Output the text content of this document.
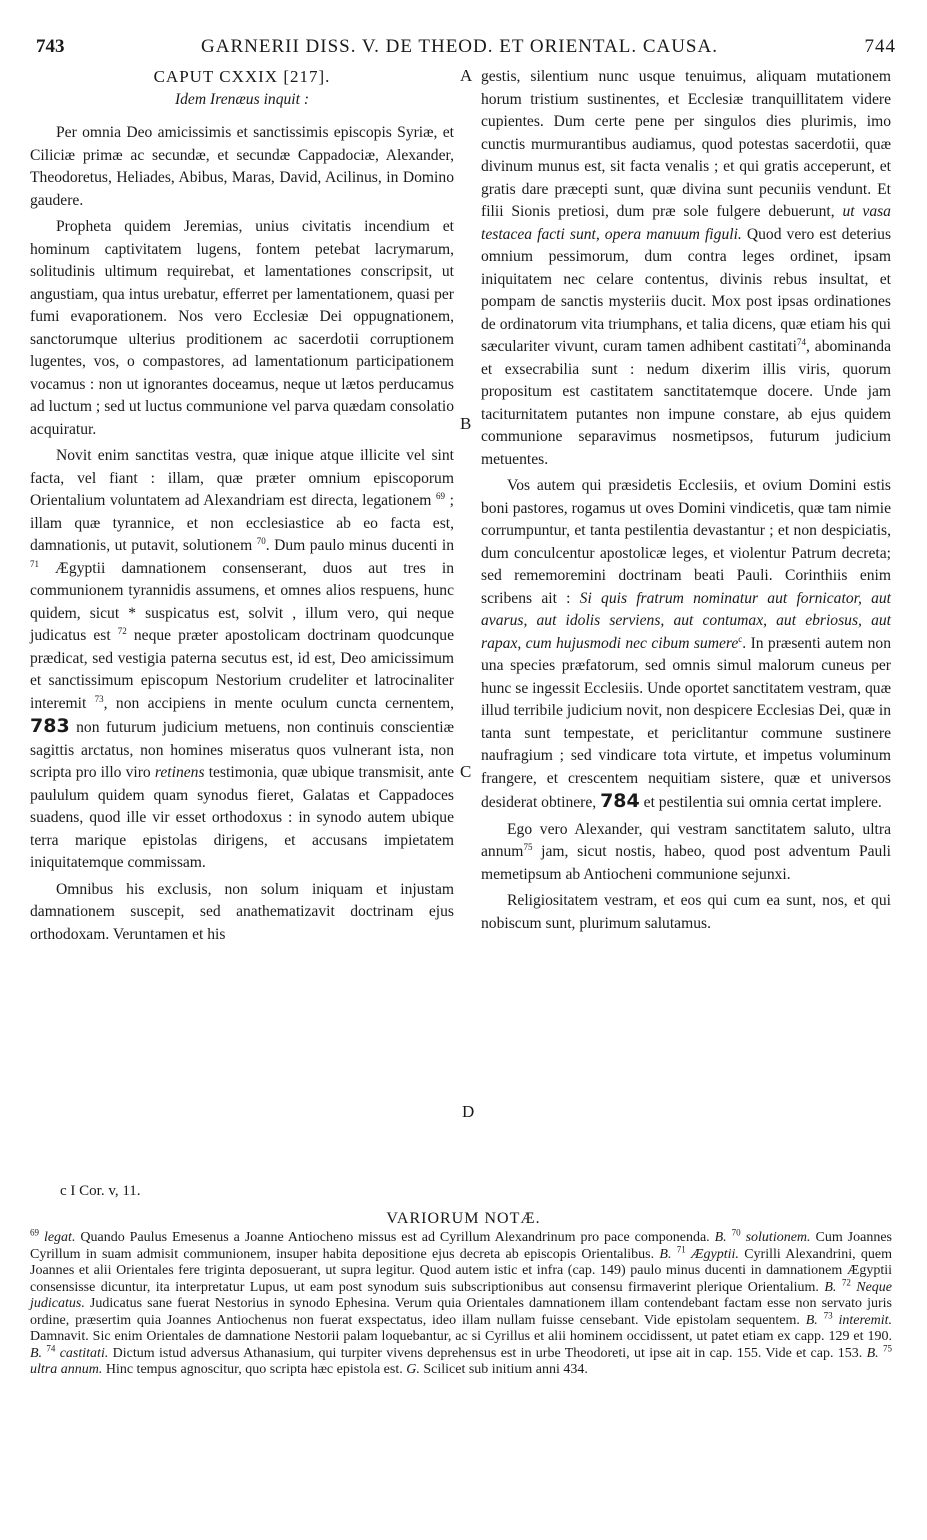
743	GARNERII DISS. V. DE THEOD. ET ORIENTAL. CAUSA.	744
A
B
C
D
CAPUT CXXIX [217].
Idem Irenæus inquit :

Per omnia Deo amicissimis et sanctissimis episcopis Syriæ, et Ciliciæ primæ ac secundæ, et secundæ Cappadociæ, Alexander, Theodoretus, Heliades, Abibus, Maras, David, Acilinus, in Domino gaudere.

Propheta quidem Jeremias, unius civitatis incendium et hominum captivitatem lugens, fontem petebat lacrymarum, solitudinis ultimum requirebat, et lamentationes conscripsit, ut angustiam, qua intus urebatur, efferret per lamentationem, quasi per fumi evaporationem. Nos vero Ecclesiæ Dei oppugnationem, sanctorumque ulterius proditionem ac sacerdotii corruptionem lugentes, vos, o compastores, ad lamentationum participationem vocamus : non ut ignorantes doceamus, neque ut lætos perducamus ad luctum ; sed ut luctus communione vel parva quædam consolatio acquiratur.

Novit enim sanctitas vestra, quæ inique atque illicite vel sint facta, vel fiant : illam, quæ præter omnium episcoporum Orientalium voluntatem ad Alexandriam est directa, legationem $^{69}$ ; illam quæ tyrannice, et non ecclesiastice ab eo facta est, damnationis, ut putavit, solutionem $^{70}$. Dum paulo minus ducenti in $^{71}$ Ægyptii damnationem consenserant, duos aut tres in communionem tyrannidis assumens, et omnes alios respuens, hunc quidem, sicut * suspicatus est, solvit , illum vero, qui neque judicatus est $^{72}$ neque præter apostolicam doctrinam quodcunque prædicat, sed vestigia paterna secutus est, id est, Deo amicissimum et sanctissimum episcopum Nestorium crudeliter et latrocinaliter interemit $^{73}$, non accipiens in mente oculum cuncta cernentem, 783 non futurum judicium metuens, non continuis conscientiæ sagittis arctatus, non homines miseratus quos vulnerant ista, non scripta pro illo viro retinens testimonia, quæ ubique transmisit, ante paululum quidem quam synodus fieret, Galatas et Cappadoces suadens, quod ille vir esset orthodoxus : in synodo autem ubique terra marique epistolas dirigens, et accusans impietatem iniquitatemque commissam.

Omnibus his exclusis, non solum iniquam et injustam damnationem suscepit, sed anathematizavit doctrinam ejus orthodoxam. Veruntamen et his

gestis, silentium nunc usque tenuimus, aliquam mutationem horum tristium sustinentes, et Ecclesiæ tranquillitatem videre cupientes. Dum certe pene per singulos dies plurimis, imo cunctis murmurantibus audiamus, quod potestas sacerdotii, quæ divinum munus est, sit facta venalis ; et qui gratis acceperunt, et gratis dare præcepti sunt, quæ divina sunt pecuniis vendunt. Et filii Sionis pretiosi, dum præ sole fulgere debuerunt, ut vasa testacea facti sunt, opera manuum figuli. Quod vero est deterius omnium pessimorum, dum contra leges ordinet, ipsam iniquitatem nec celare contentus, divinis rebus insultat, et pompam de sanctis mysteriis ducit. Mox post ipsas ordinationes de ordinatorum vita triumphans, et talia dicens, quæ etiam his qui sæculariter vivunt, curam tamen adhibent castitati$^{74}$, abominanda et exsecrabilia sunt : nedum dixerim illis viris, quorum propositum est castitatem sanctitatemque docere. Unde jam taciturnitatem putantes non impune constare, ab ejus quidem communione separavimus nosmetipsos, futurum judicium metuentes.

Vos autem qui præsidetis Ecclesiis, et ovium Domini estis boni pastores, rogamus ut oves Domini vindicetis, quæ tam nimie corrumpuntur, et tanta pestilentia devastantur ; et non despiciatis, dum conculcentur apostolicæ leges, et violentur Patrum decreta; sed rememoremini doctrinam beati Pauli. Corinthiis enim scribens ait : Si quis fratrum nominatur aut fornicator, aut avarus, aut idolis serviens, aut contumax, aut ebriosus, aut rapax, cum hujusmodi nec cibum sumere$^c$. In præsenti autem non una species præfatorum, sed omnis simul malorum cuneus per hunc se ingessit Ecclesiis. Unde oportet sanctitatem vestram, quæ illud terribile judicium novit, non despicere Ecclesias Dei, quæ in tanta sunt tempestate, et periclitantur commune sustinere naufragium ; sed vindicare tota virtute, et impetus voluminum frangere, et crescentem nequitiam sistere, quæ et universos desiderat obtinere, 784 et pestilentia sui omnia certat implere.

Ego vero Alexander, qui vestram sanctitatem saluto, ultra annum$^{75}$ jam, sicut nostis, habeo, quod post adventum Pauli memetipsum ab Antiocheni communione sejunxi.

Religiositatem vestram, et eos qui cum ea sunt, nos, et qui nobiscum sunt, plurimum salutamus.

c I Cor. v, 11.
VARIORUM NOTÆ.
$^{69}$ legat. Quando Paulus Emesenus a Joanne Antiocheno missus est ad Cyrillum Alexandrinum pro pace componenda. B. $^{70}$ solutionem. Cum Joannes Cyrillum in suam admisit communionem, insuper habita depositione ejus decreta ab episcopis Orientalibus. B. $^{71}$ Ægyptii. Cyrilli Alexandrini, quem Joannes et alii Orientales fere triginta deposuerant, ut supra legitur. Quod autem istic et infra (cap. 149) paulo minus ducenti in damnationem Ægyptii consensisse dicuntur, ita interpretatur Lupus, ut eam post synodum suis subscriptionibus aut consensu firmaverint plerique Orientalium. B. $^{72}$ Neque judicatus. Judicatus sane fuerat Nestorius in synodo Ephesina. Verum quia Orientales damnationem illam contendebant factam esse non servato juris ordine, præsertim quia Joannes Antiochenus non fuerat exspectatus, ideo illam nullam fuisse censebant. Vide epistolam sequentem. B. $^{73}$ interemit. Damnavit. Sic enim Orientales de damnatione Nestorii palam loquebantur, ac si Cyrillus et alii hominem occidissent, ut patet etiam ex capp. 129 et 190. B. $^{74}$ castitati. Dictum istud adversus Athanasium, qui turpiter vivens deprehensus est in urbe Theodoreti, ut ipse ait in cap. 155. Vide et cap. 153. B. $^{75}$ ultra annum. Hinc tempus agnoscitur, quo scripta hæc epistola est. G. Scilicet sub initium anni 434.
